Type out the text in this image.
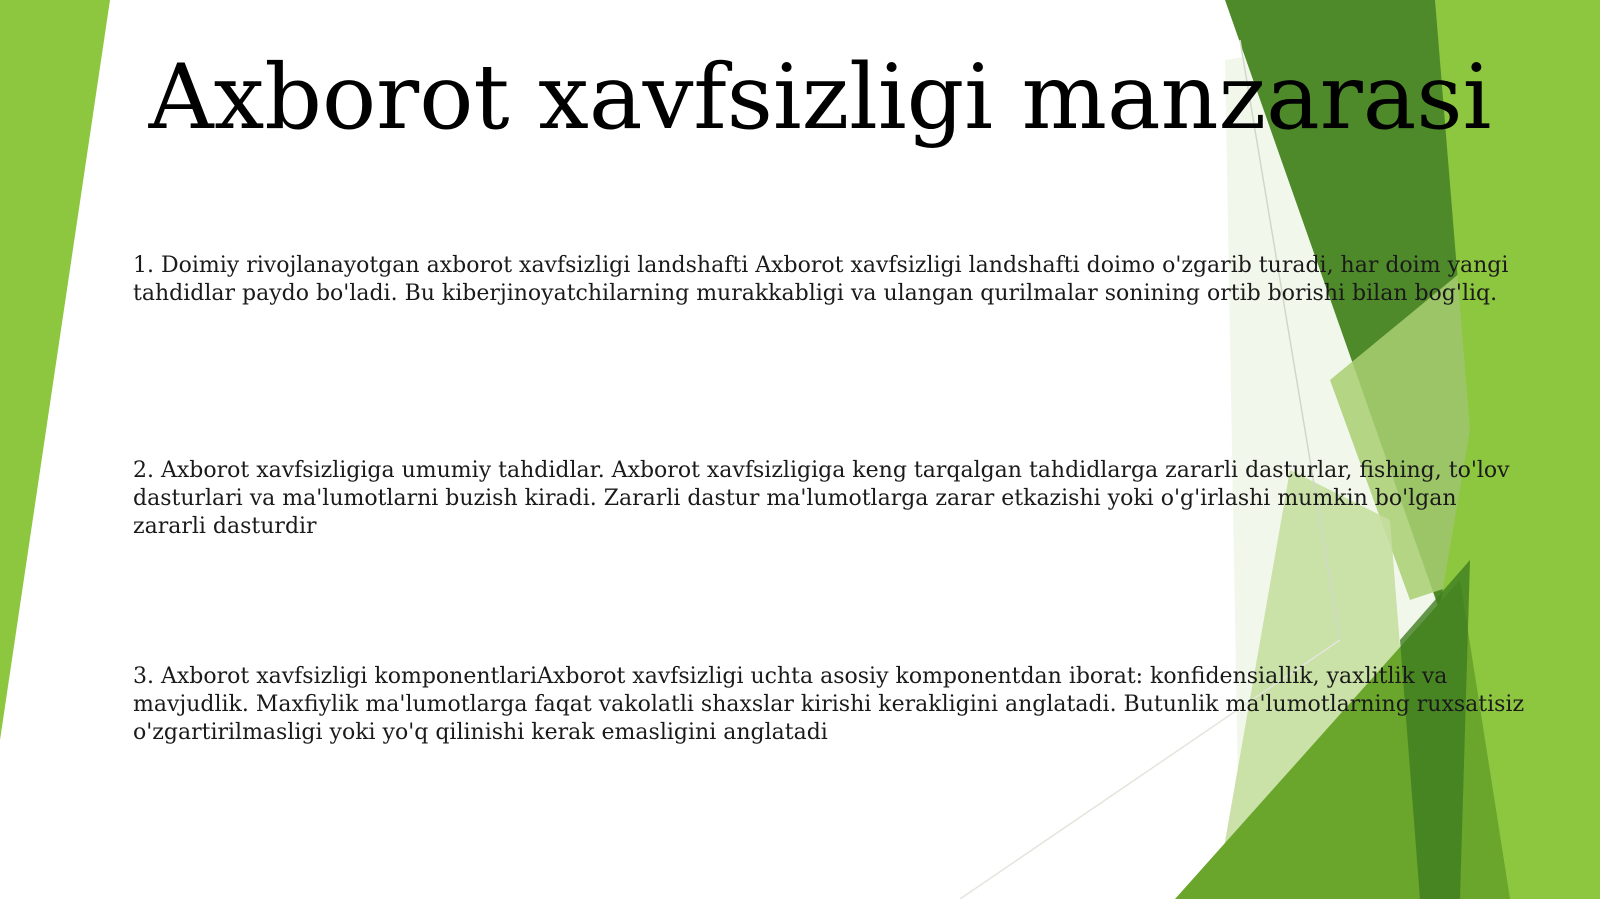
Axborot xavfsizligi manzarasi

1. Doimiy rivojlanayotgan axborot xavfsizligi landshafti Axborot xavfsizligi landshafti doimo o'zgarib turadi, har doim yangi tahdidlar paydo bo'ladi. Bu kiberjinoyatchilarning murakkabligi va ulangan qurilmalar sonining ortib borishi bilan bog'liq.

2. Axborot xavfsizligiga umumiy tahdidlar. Axborot xavfsizligiga keng tarqalgan tahdidlarga zararli dasturlar, fishing, to'lov dasturlari va ma'lumotlarni buzish kiradi. Zararli dastur ma'lumotlarga zarar etkazishi yoki o'g'irlashi mumkin bo'lgan zararli dasturdir

3. Axborot xavfsizligi komponentlariAxborot xavfsizligi uchta asosiy komponentdan iborat: konfidensiallik, yaxlitlik va mavjudlik. Maxfiylik ma'lumotlarga faqat vakolatli shaxslar kirishi kerakligini anglatadi. Butunlik ma'lumotlarning ruxsatisiz o'zgartirilmasligi yoki yo'q qilinishi kerak emasligini anglatadi
